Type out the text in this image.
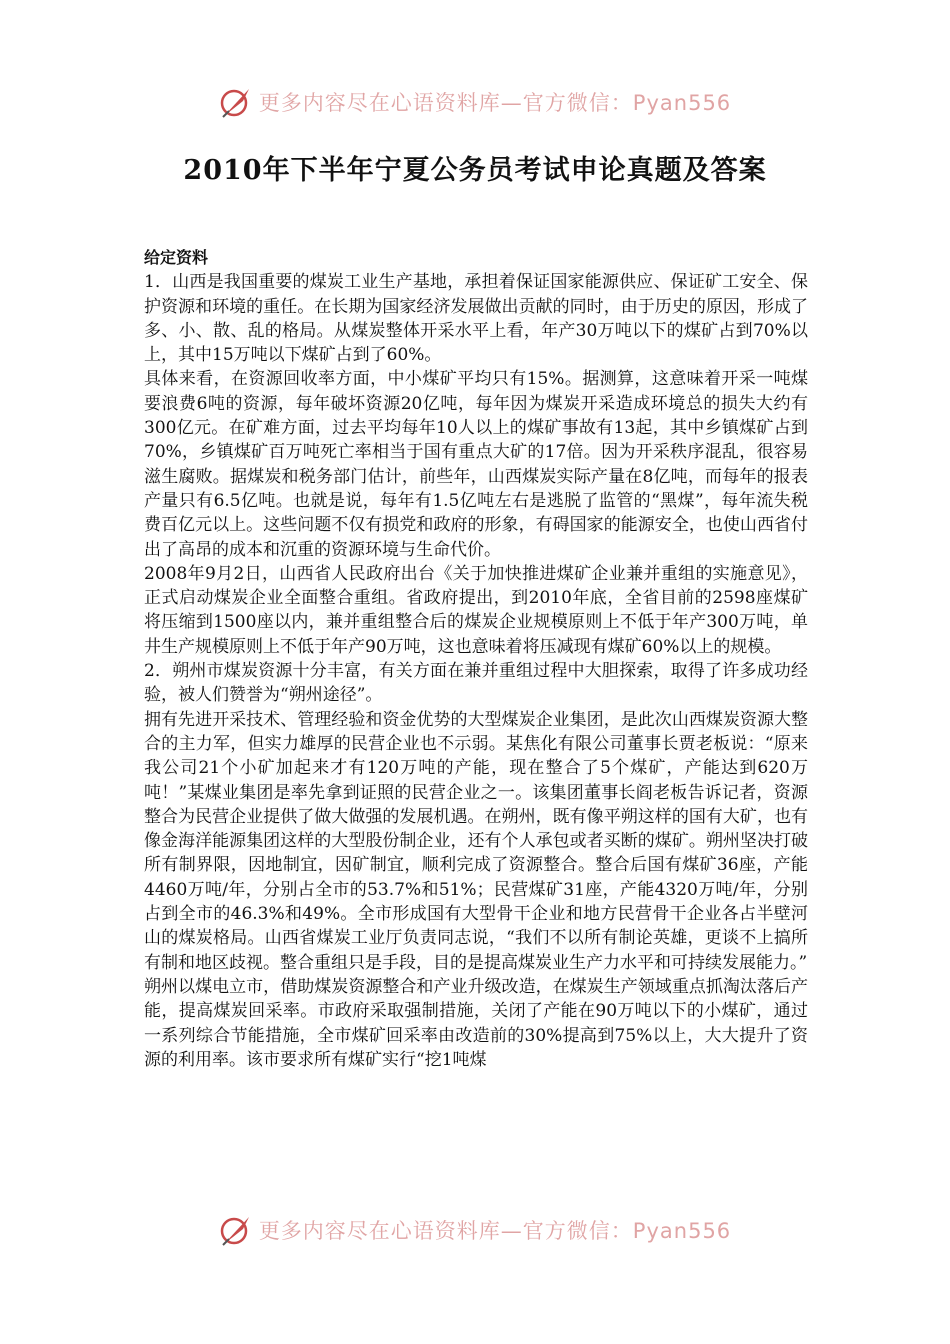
更多内容尽在心语资料库—官方微信：Pyan556
2010年下半年宁夏公务员考试申论真题及答案

给定资料

1．山西是我国重要的煤炭工业生产基地，承担着保证国家能源供应、保证矿工安全、保护资源和环境的重任。在长期为国家经济发展做出贡献的同时，由于历史的原因，形成了多、小、散、乱的格局。从煤炭整体开采水平上看，年产30万吨以下的煤矿占到70%以上，其中15万吨以下煤矿占到了60%。

具体来看，在资源回收率方面，中小煤矿平均只有15%。据测算，这意味着开采一吨煤要浪费6吨的资源，每年破坏资源20亿吨，每年因为煤炭开采造成环境总的损失大约有300亿元。在矿难方面，过去平均每年10人以上的煤矿事故有13起，其中乡镇煤矿占到70%，乡镇煤矿百万吨死亡率相当于国有重点大矿的17倍。因为开采秩序混乱，很容易滋生腐败。据煤炭和税务部门估计，前些年，山西煤炭实际产量在8亿吨，而每年的报表产量只有6.5亿吨。也就是说，每年有1.5亿吨左右是逃脱了监管的“黑煤”，每年流失税费百亿元以上。这些问题不仅有损党和政府的形象，有碍国家的能源安全，也使山西省付出了高昂的成本和沉重的资源环境与生命代价。

2008年9月2日，山西省人民政府出台《关于加快推进煤矿企业兼并重组的实施意见》，正式启动煤炭企业全面整合重组。省政府提出，到2010年底，全省目前的2598座煤矿将压缩到1500座以内，兼并重组整合后的煤炭企业规模原则上不低于年产300万吨，单井生产规模原则上不低于年产90万吨，这也意味着将压减现有煤矿60%以上的规模。

2．朔州市煤炭资源十分丰富，有关方面在兼并重组过程中大胆探索，取得了许多成功经验，被人们赞誉为“朔州途径”。

拥有先进开采技术、管理经验和资金优势的大型煤炭企业集团，是此次山西煤炭资源大整合的主力军，但实力雄厚的民营企业也不示弱。某焦化有限公司董事长贾老板说：“原来我公司21个小矿加起来才有120万吨的产能，现在整合了5个煤矿，产能达到620万吨！”某煤业集团是率先拿到证照的民营企业之一。该集团董事长阎老板告诉记者，资源整合为民营企业提供了做大做强的发展机遇。在朔州，既有像平朔这样的国有大矿，也有像金海洋能源集团这样的大型股份制企业，还有个人承包或者买断的煤矿。朔州坚决打破所有制界限，因地制宜，因矿制宜，顺利完成了资源整合。整合后国有煤矿36座，产能4460万吨/年，分别占全市的53.7%和51%；民营煤矿31座，产能4320万吨/年，分别占到全市的46.3%和49%。全市形成国有大型骨干企业和地方民营骨干企业各占半壁河山的煤炭格局。山西省煤炭工业厅负责同志说，“我们不以所有制论英雄，更谈不上搞所有制和地区歧视。整合重组只是手段，目的是提高煤炭业生产力水平和可持续发展能力。”

朔州以煤电立市，借助煤炭资源整合和产业升级改造，在煤炭生产领域重点抓淘汰落后产能，提高煤炭回采率。市政府采取强制措施，关闭了产能在90万吨以下的小煤矿，通过一系列综合节能措施，全市煤矿回采率由改造前的30%提高到75%以上，大大提升了资源的利用率。该市要求所有煤矿实行“挖1吨煤

更多内容尽在心语资料库—官方微信：Pyan556
